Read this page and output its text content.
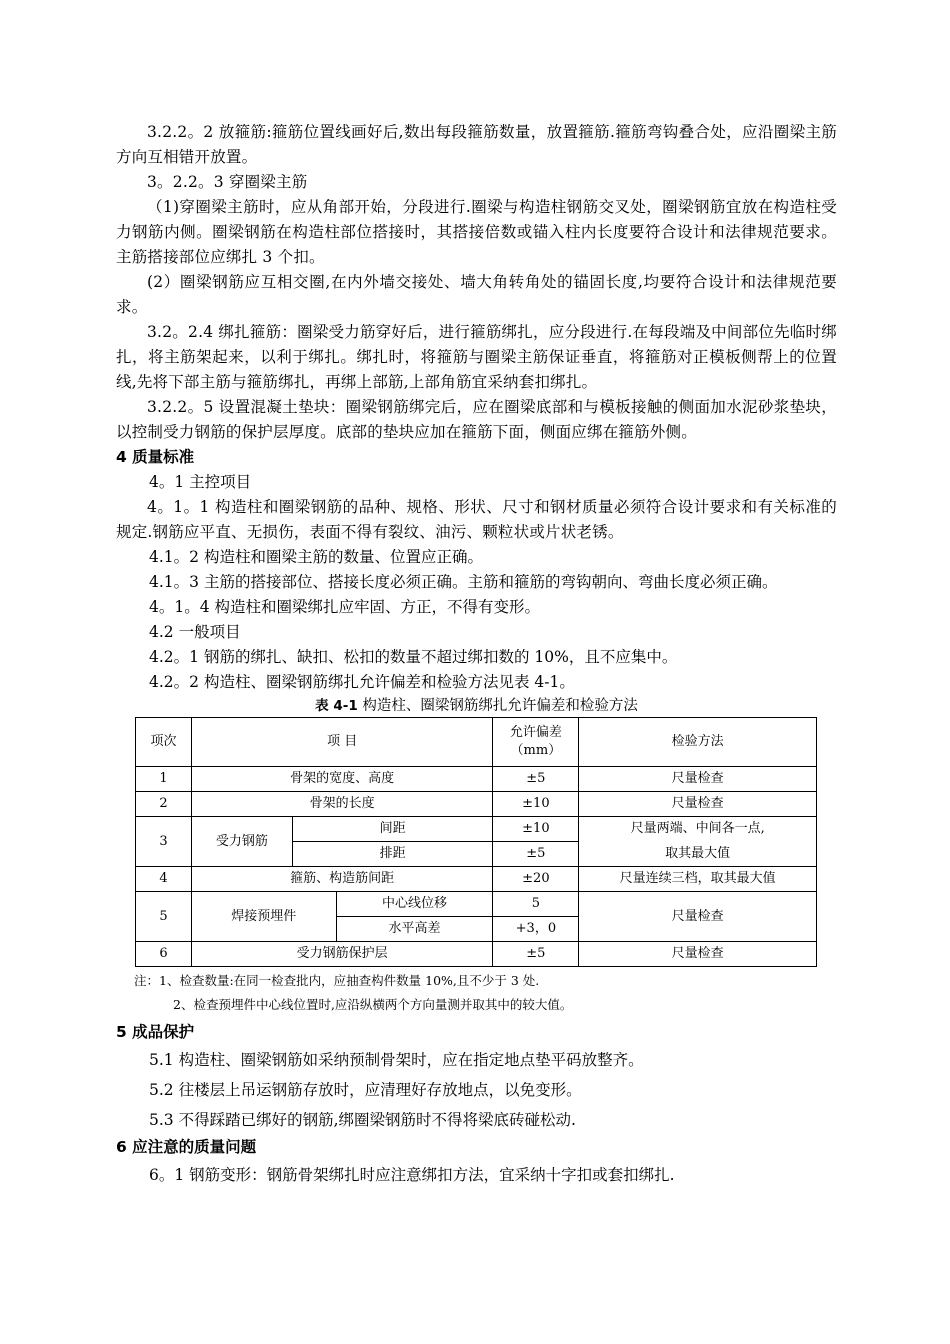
3.2.2。2 放箍筋:箍筋位置线画好后,数出每段箍筋数量，放置箍筋.箍筋弯钩叠合处，应沿圈梁主筋方向互相错开放置。

3。2.2。3 穿圈梁主筋

（1)穿圈梁主筋时，应从角部开始，分段进行.圈梁与构造柱钢筋交叉处，圈梁钢筋宜放在构造柱受力钢筋内侧。圈梁钢筋在构造柱部位搭接时，其搭接倍数或锚入柱内长度要符合设计和法律规范要求。主筋搭接部位应绑扎 3 个扣。

(2）圈梁钢筋应互相交圈,在内外墙交接处、墙大角转角处的锚固长度,均要符合设计和法律规范要求。

3.2。2.4 绑扎箍筋：圈梁受力筋穿好后，进行箍筋绑扎，应分段进行.在每段端及中间部位先临时绑扎，将主筋架起来，以利于绑扎。绑扎时，将箍筋与圈梁主筋保证垂直，将箍筋对正模板侧帮上的位置线,先将下部主筋与箍筋绑扎，再绑上部筋,上部角筋宜采纳套扣绑扎。

3.2.2。5 设置混凝土垫块：圈梁钢筋绑完后，应在圈梁底部和与模板接触的侧面加水泥砂浆垫块，以控制受力钢筋的保护层厚度。底部的垫块应加在箍筋下面，侧面应绑在箍筋外侧。

4 质量标准

4。1 主控项目

4。1。1 构造柱和圈梁钢筋的品种、规格、形状、尺寸和钢材质量必须符合设计要求和有关标准的规定.钢筋应平直、无损伤，表面不得有裂纹、油污、颗粒状或片状老锈。

4.1。2 构造柱和圈梁主筋的数量、位置应正确。

4.1。3 主筋的搭接部位、搭接长度必须正确。主筋和箍筋的弯钩朝向、弯曲长度必须正确。

4。1。4 构造柱和圈梁绑扎应牢固、方正，不得有变形。

4.2 一般项目

4.2。1 钢筋的绑扎、缺扣、松扣的数量不超过绑扣数的 10%，且不应集中。

4.2。2 构造柱、圈梁钢筋绑扎允许偏差和检验方法见表 4-1。

表 4-1 构造柱、圈梁钢筋绑扎允许偏差和检验方法

项次	项 目			允许偏差
（mm）	检验方法
1	骨架的宽度、高度			±5	尺量检查
2	骨架的长度			±10	尺量检查
3	受力钢筋	间距		±10	尺量两端、中间各一点,
取其最大值

		排距		±5	
4	箍筋、构造筋间距			±20	尺量连续三档，取其最大值
5	焊接预埋件		中心线位移	5	尺量检查
			水平高差	+3，0	
6	受力钢筋保护层			±5	尺量检查

注：1、检查数量:在同一检查批内，应抽查构件数量 10%,且不少于 3 处.

2、检查预埋件中心线位置时,应沿纵横两个方向量测并取其中的较大值。

5 成品保护

5.1 构造柱、圈梁钢筋如采纳预制骨架时，应在指定地点垫平码放整齐。

5.2 往楼层上吊运钢筋存放时，应清理好存放地点，以免变形。

5.3 不得踩踏已绑好的钢筋,绑圈梁钢筋时不得将梁底砖碰松动.

6 应注意的质量问题

6。1 钢筋变形：钢筋骨架绑扎时应注意绑扣方法，宜采纳十字扣或套扣绑扎.
